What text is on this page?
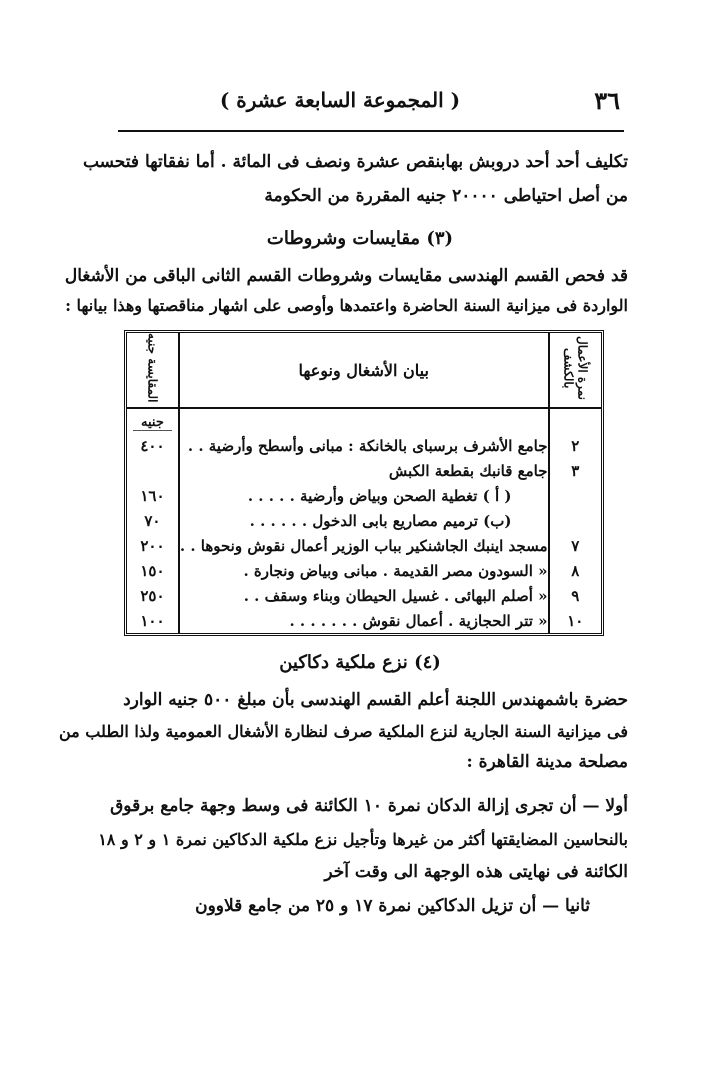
٣٦
( المجموعة السابعة عشرة )
تكليف أحد أحد دروبش بهابنقص عشرة ونصف فى المائة . أما نفقاتها فتحسب
من أصل احتياطى ٢٠٠٠٠ جنيه المقررة من الحكومة
(٣) مقايسات وشروطات
قد فحص القسم الهندسى مقايسات وشروطات القسم الثانى الباقى من الأشغال
الواردة فى ميزانية السنة الحاضرة واعتمدها وأوصى على اشهار مناقصتها وهذا بيانها :
نمرة الأعمال بالكشف	بيان الأشغال ونوعها	المقايسة جنيه

		جنيه

٢	جامع الأشرف برسباى بالخانكة : مبانى وأسطح وأرضية . .	٤٠٠
٣	جامع قانبك بقطعة الكبش	
	( أ ) تغطية الصحن وبياض وأرضية . . . . .	١٦٠
	(ب) ترميم مصاريع بابى الدخول . . . . . .	٧٠
٧	مسجد اينبك الجاشنكير بباب الوزير أعمال نقوش ونحوها . .	٢٠٠
٨	« السودون مصر القديمة . مبانى وبياض ونجارة .	١٥٠
٩	« أصلم البهائى . غسيل الحيطان وبناء وسقف . .	٢٥٠
١٠	« تتر الحجازية . أعمال نقوش . . . . . . .	١٠٠
(٤) نزع ملكية دكاكين
حضرة باشمهندس اللجنة أعلم القسم الهندسى بأن مبلغ ٥٠٠ جنيه الوارد
فى ميزانية السنة الجارية لنزع الملكية صرف لنظارة الأشغال العمومية ولذا الطلب من
مصلحة مدينة القاهرة :
أولا — أن تجرى إزالة الدكان نمرة ١٠ الكائنة فى وسط وجهة جامع برقوق
بالنحاسين المضايقتها أكثر من غيرها وتأجيل نزع ملكية الدكاكين نمرة ١ و ٢ و ١٨
الكائنة فى نهايتى هذه الوجهة الى وقت آخر
ثانيا — أن تزيل الدكاكين نمرة ١٧ و ٢٥ من جامع قلاوون
